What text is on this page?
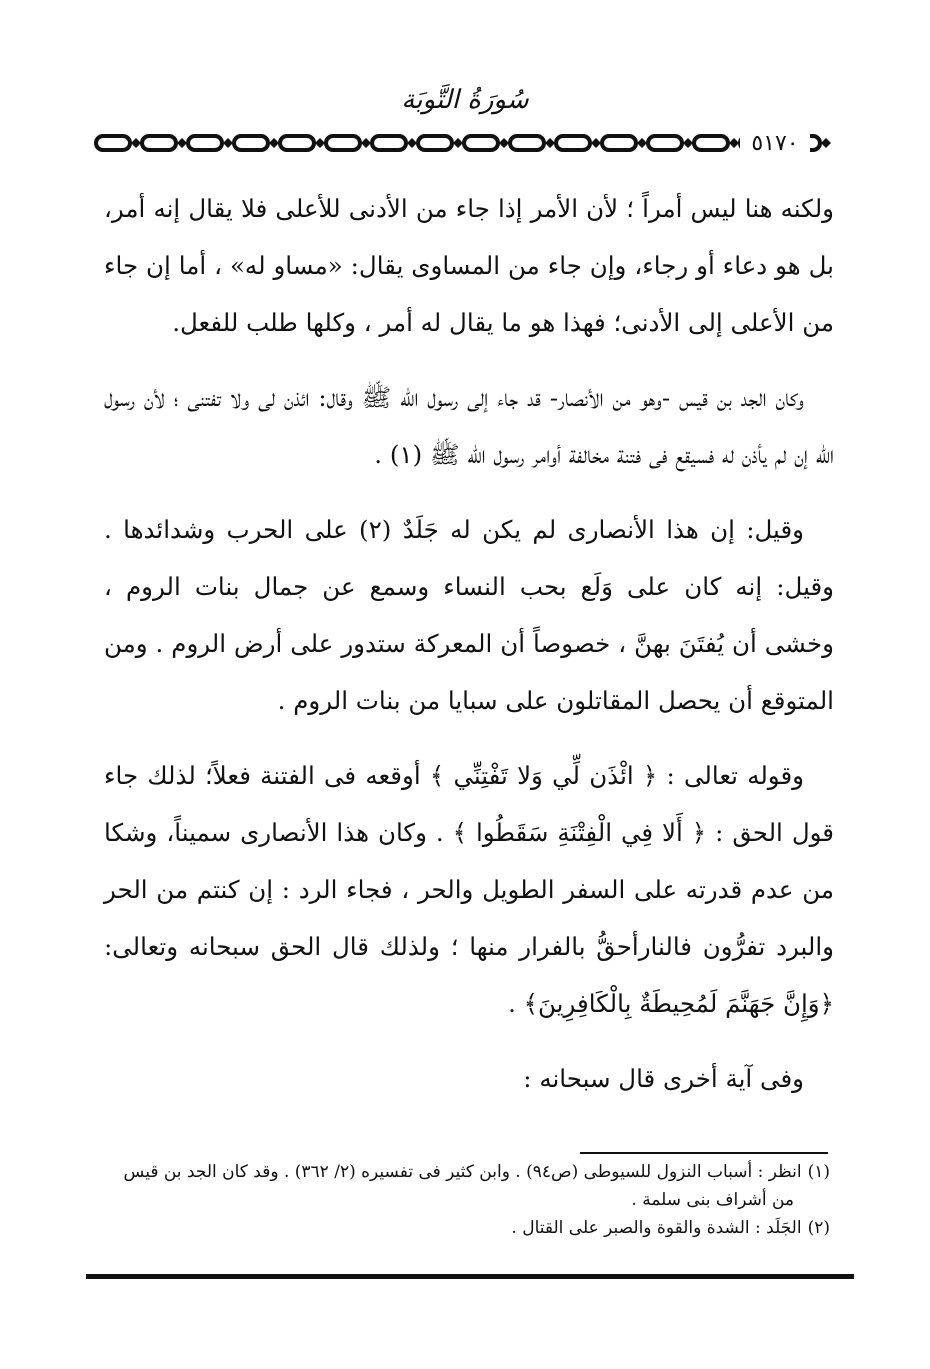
سُورَةُ التَّوبَة
٥١٧٠

ولكنه هنا ليس أمراً ؛ لأن الأمر إذا جاء من الأدنى للأعلى فلا يقال إنه أمر، بل هو دعاء أو رجاء، وإن جاء من المساوى يقال: «مساو له» ، أما إن جاء من الأعلى إلى الأدنى؛ فهذا هو ما يقال له أمر ، وكلها طلب للفعل.

وكان الجد بن قيس -وهو من الأنصار- قد جاء إلى رسول الله ﷺ وقال: ائذن لى ولا تفتنى ؛ لأن رسول الله إن لم يأذن له فسيقع فى فتنة مخالفة أوامر رسول الله ﷺ (١) .

وقيل: إن هذا الأنصارى لم يكن له جَلَدٌ (٢) على الحرب وشدائدها . وقيل: إنه كان على وَلَع بحب النساء وسمع عن جمال بنات الروم ، وخشى أن يُفتَنَ بهنَّ ، خصوصاً أن المعركة ستدور على أرض الروم . ومن المتوقع أن يحصل المقاتلون على سبايا من بنات الروم .

وقوله تعالى : ﴿ ائْذَن لِّي وَلا تَفْتِنِّي ﴾ أوقعه فى الفتنة فعلاً؛ لذلك جاء قول الحق : ﴿ أَلا فِي الْفِتْنَةِ سَقَطُوا ﴾ . وكان هذا الأنصارى سميناً، وشكا من عدم قدرته على السفر الطويل والحر ، فجاء الرد : إن كنتم من الحر والبرد تفرُّون فالنارأحقُّ بالفرار منها ؛ ولذلك قال الحق سبحانه وتعالى: ﴿وَإِنَّ جَهَنَّمَ لَمُحِيطَةٌ بِالْكَافِرِينَ﴾ .

وفى آية أخرى قال سبحانه :

(١)انظر : أسباب النزول للسيوطى (ص٩٤) . وابن كثير فى تفسيره (٢/ ٣٦٢) . وقد كان الجد بن قيس

من أشراف بنى سلمة .

(٢)الجَلَد : الشدة والقوة والصبر على القتال .
